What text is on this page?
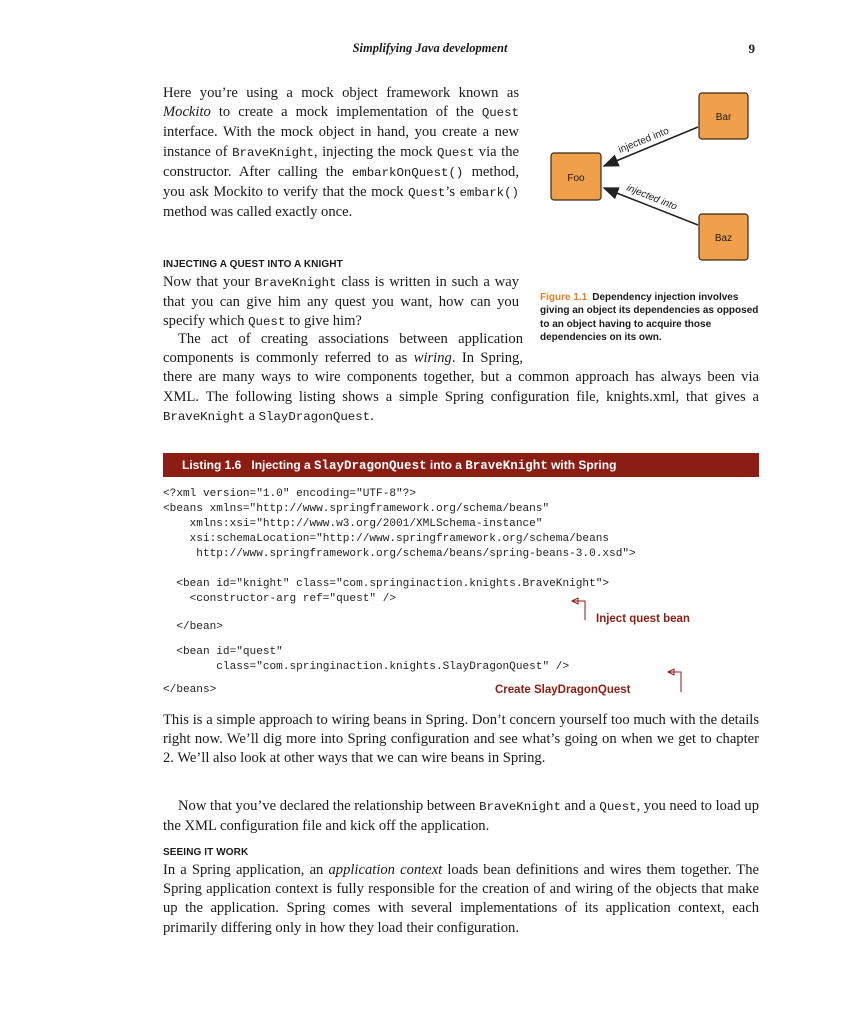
Simplifying Java development	9

Here you’re using a mock object framework known as Mockito to create a mock implementation of the Quest interface. With the mock object in hand, you create a new instance of BraveKnight, injecting the mock Quest via the constructor. After calling the embarkOnQuest() method, you ask Mockito to verify that the mock Quest’s embark() method was called exactly once.

INJECTING A QUEST INTO A KNIGHT

Now that your BraveKnight class is written in such a way that you can give him any quest you want, how can you specify which Quest to give him?

The act of creating associations between application components is commonly referred to as wiring. In Spring, there are many ways to wire components together, but a common approach has always been via XML. The following listing shows a simple Spring configuration file, knights.xml, that gives a BraveKnight a SlayDragonQuest.
injected into
injected into
Foo
Bar
Baz
Figure 1.1 Dependency injection involves giving an object its dependencies as opposed to an object having to acquire those dependencies on its own.
Listing 1.6 Injecting a SlayDragonQuest into a BraveKnight with Spring
<?xml version="1.0" encoding="UTF-8"?>
<beans xmlns="http://www.springframework.org/schema/beans"
xmlns:xsi="http://www.w3.org/2001/XMLSchema-instance"
xsi:schemaLocation="http://www.springframework.org/schema/beans
http://www.springframework.org/schema/beans/spring-beans-3.0.xsd">
<bean id="knight" class="com.springinaction.knights.BraveKnight">
<constructor-arg ref="quest" />
</bean>
<bean id="quest"
class="com.springinaction.knights.SlayDragonQuest" />
</beans>
Inject quest bean
Create SlayDragonQuest

This is a simple approach to wiring beans in Spring. Don’t concern yourself too much with the details right now. We’ll dig more into Spring configuration and see what’s going on when we get to chapter 2. We’ll also look at other ways that we can wire beans in Spring.

Now that you’ve declared the relationship between BraveKnight and a Quest, you need to load up the XML configuration file and kick off the application.

SEEING IT WORK

In a Spring application, an application context loads bean definitions and wires them together. The Spring application context is fully responsible for the creation of and wiring of the objects that make up the application. Spring comes with several implementations of its application context, each primarily differing only in how they load their configuration.
